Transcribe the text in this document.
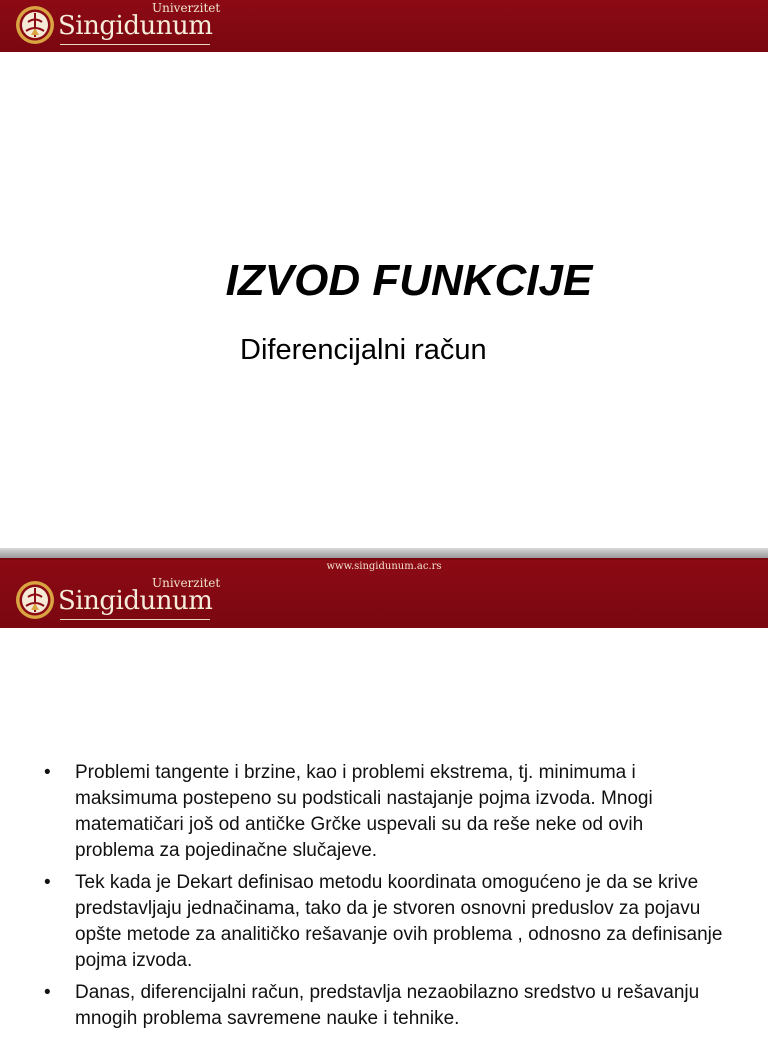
Univerzitet
Singidunum
IZVOD FUNKCIJE
Diferencijalni račun
www.singidunum.ac.rs
Univerzitet
Singidunum
• Problemi tangente i brzine, kao i problemi ekstrema, tj. minimuma i maksimuma postepeno su podsticali nastajanje pojma izvoda. Mnogi matematičari još od antičke Grčke uspevali su da reše neke od ovih problema za pojedinačne slučajeve.
• Tek kada je Dekart definisao metodu koordinata omogućeno je da se krive predstavljaju jednačinama, tako da je stvoren osnovni preduslov za pojavu opšte metode za analitičko rešavanje ovih problema , odnosno za definisanje pojma izvoda.
• Danas, diferencijalni račun, predstavlja nezaobilazno sredstvo u rešavanju mnogih problema savremene nauke i tehnike.
